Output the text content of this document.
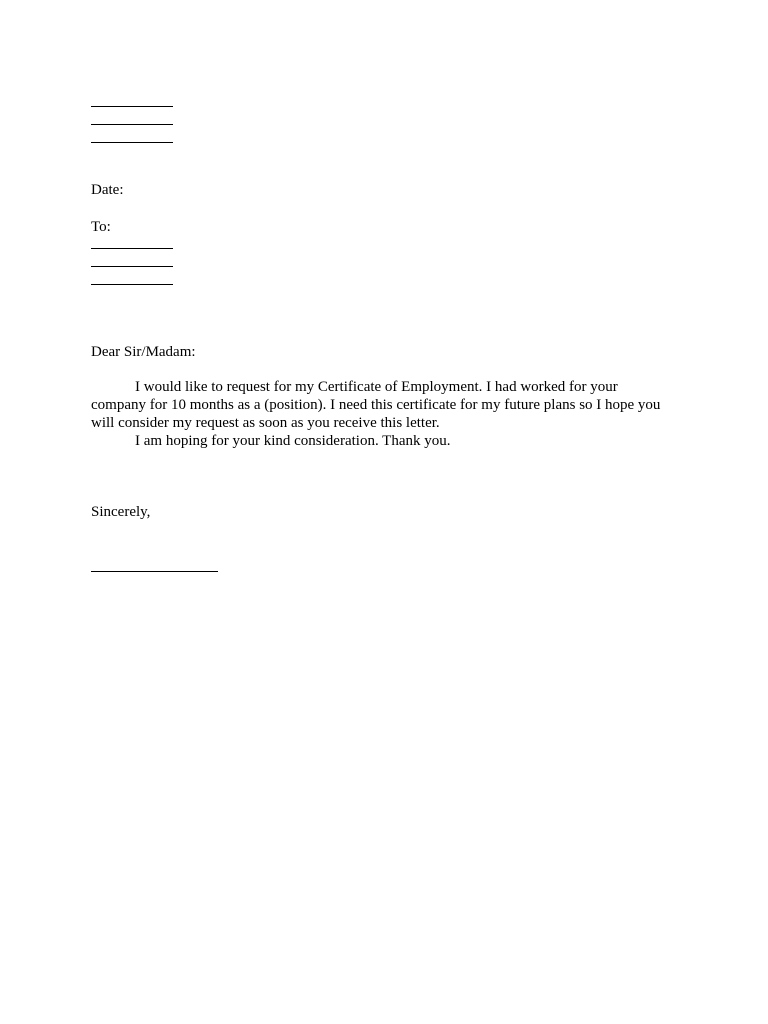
Date:
To:
Dear Sir/Madam:
I would like to request for my Certificate of Employment. I had worked for your
company for 10 months as a (position). I need this certificate for my future plans so I hope you
will consider my request as soon as you receive this letter.
I am hoping for your kind consideration. Thank you.
Sincerely,
